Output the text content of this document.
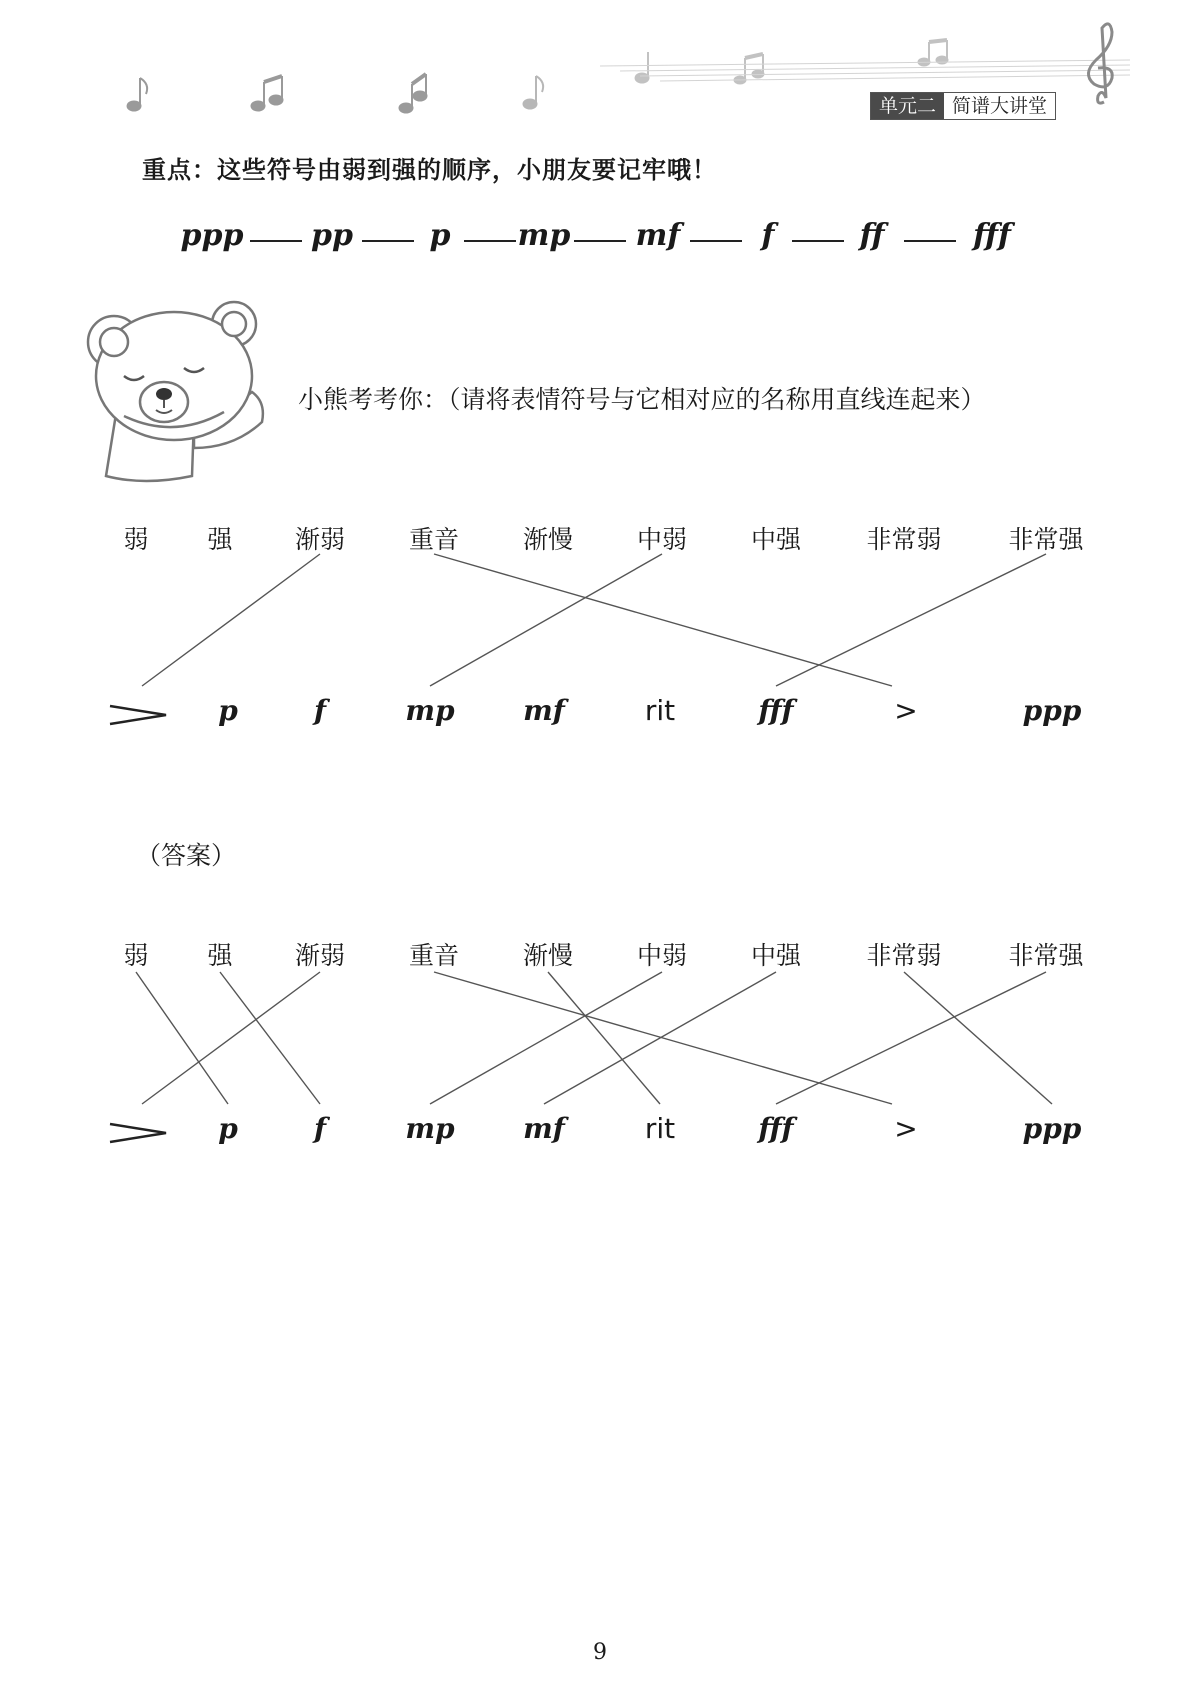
单元二 简谱大讲堂
重点：这些符号由弱到强的顺序，小朋友要记牢哦！
ppp pp	p mp mf	f	ff	fff
小熊考考你：（请将表情符号与它相对应的名称用直线连起来）
弱 强 渐弱	重音	渐慢	中弱	中强	非常弱	非常强
p	f	mp mf	rit	fff	>	ppp
（答案）
弱 强 渐弱	重音	渐慢	中弱	中强	非常弱	非常强
p	f	mp mf	rit	fff	>	ppp
9
